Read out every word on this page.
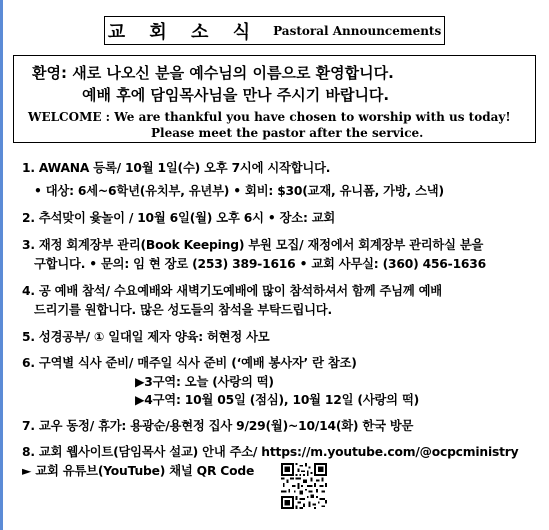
교 회 소 식 Pastoral Announcements
환영: 새로 나오신 분을 예수님의 이름으로 환영합니다.
예배 후에 담임목사님을 만나 주시기 바랍니다.
WELCOME : We are thankful you have chosen to worship with us today!
Please meet the pastor after the service.
1. AWANA 등록/ 10월 1일(수) 오후 7시에 시작합니다.
• 대상: 6세~6학년(유치부, 유년부) • 회비: $30(교재, 유니폼, 가방, 스낵)
2. 추석맞이 윷놀이 / 10월 6일(월) 오후 6시 • 장소: 교회
3. 재정 회계장부 관리(Book Keeping) 부원 모집/ 재정에서 회계장부 관리하실 분을
구합니다. • 문의: 임 현 장로 (253) 389-1616 • 교회 사무실: (360) 456-1636
4. 공 예배 참석/ 수요예배와 새벽기도예배에 많이 참석하셔서 함께 주님께 예배
드리기를 원합니다. 많은 성도들의 참석을 부탁드립니다.
5. 성경공부/ ① 일대일 제자 양육: 허현정 사모
6. 구역별 식사 준비/ 매주일 식사 준비 (‘예배 봉사자’ 란 참조)
▶3구역: 오늘 (사랑의 떡)
▶4구역: 10월 05일 (점심), 10월 12일 (사랑의 떡)
7. 교우 동정/ 휴가: 용광순/용현정 집사 9/29(월)~10/14(화) 한국 방문
8. 교회 웹사이트(담임목사 설교) 안내 주소/ https://m.youtube.com/@ocpcministry
► 교회 유튜브(YouTube) 채널 QR Code
